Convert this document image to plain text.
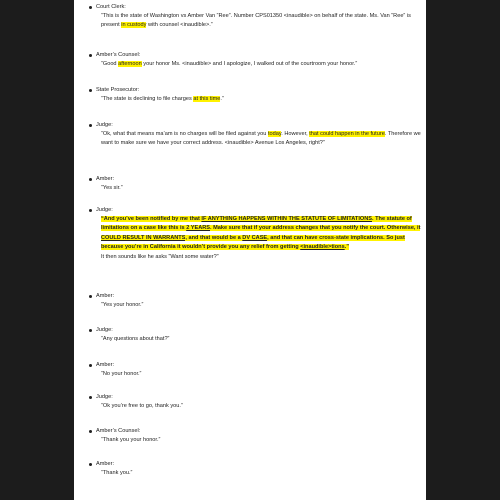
Court Clerk:
“This is the state of Washington vs Amber Van “Ree”. Number CPS01350 <inaudible> on behalf of the state. Ms. Van “Ree” is present in custody with counsel <inaudible>.”
Amber’s Counsel:
“Good afternoon your honor Ms. <inaudible> and I apologize, I walked out of the courtroom your honor.”
State Prosecutor:
“The state is declining to file charges at this time.”
Judge:
“Ok, what that means ma’am is no charges will be filed against you today. However, that could happen in the future. Therefore we want to make sure we have your correct address. <inaudible> Avenue Los Angeles, right?”
Amber:
“Yes sir.”
Judge:
“And you’ve been notified by me that IF ANYTHING HAPPENS WITHIN THE STATUTE OF LIMITATIONS. The statute of limitations on a case like this is 2 YEARS. Make sure that if your address changes that you notify the court. Otherwise, it COULD RESULT IN WARRANTS, and that would be a DV CASE, and that can have cross-state implications. So just because you’re in California it wouldn’t provide you any relief from getting <inaudible>tions.”
It then sounds like he asks “Want some water?”
Amber:
“Yes your honor.”
Judge:
“Any questions about that?”
Amber:
“No your honor.”
Judge:
“Ok you’re free to go, thank you.”
Amber’s Counsel:
“Thank you your honor.”
Amber:
“Thank you.”
